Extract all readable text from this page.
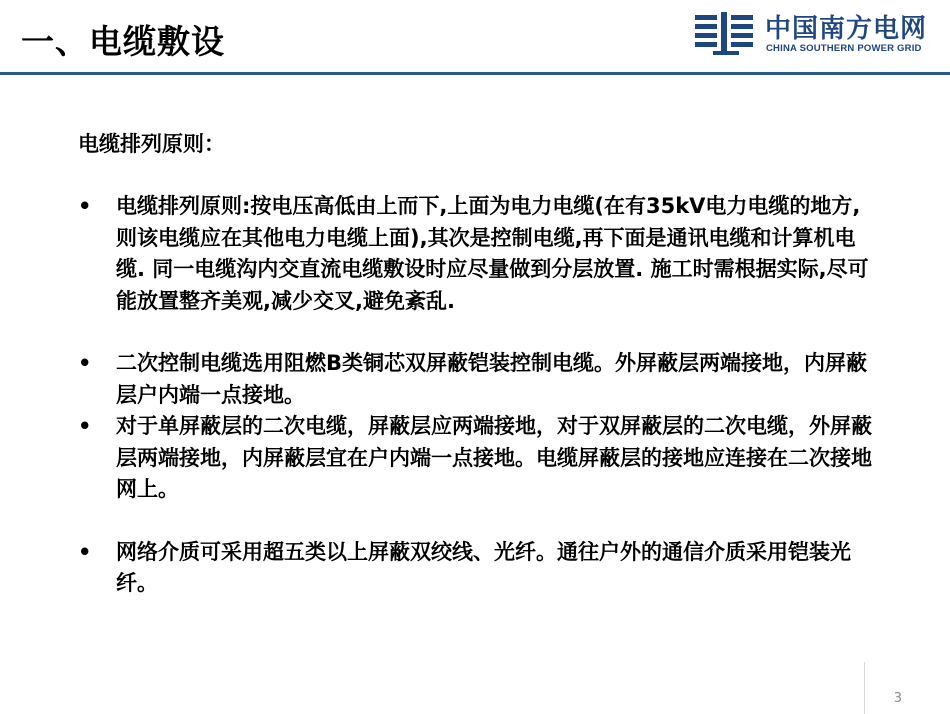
一、电缆敷设	中国南方电网
CHINA SOUTHERN POWER GRID
电缆排列原则：
• 电缆排列原则:按电压高低由上而下,上面为电力电缆(在有35kV电力电缆的地方,则该电缆应在其他电力电缆上面),其次是控制电缆,再下面是通讯电缆和计算机电缆. 同一电缆沟内交直流电缆敷设时应尽量做到分层放置. 施工时需根据实际,尽可能放置整齐美观,减少交叉,避免紊乱.
• 二次控制电缆选用阻燃B类铜芯双屏蔽铠装控制电缆。外屏蔽层两端接地，内屏蔽层户内端一点接地。
• 对于单屏蔽层的二次电缆，屏蔽层应两端接地，对于双屏蔽层的二次电缆，外屏蔽层两端接地，内屏蔽层宜在户内端一点接地。电缆屏蔽层的接地应连接在二次接地网上。
• 网络介质可采用超五类以上屏蔽双绞线、光纤。通往户外的通信介质采用铠装光纤。
3
